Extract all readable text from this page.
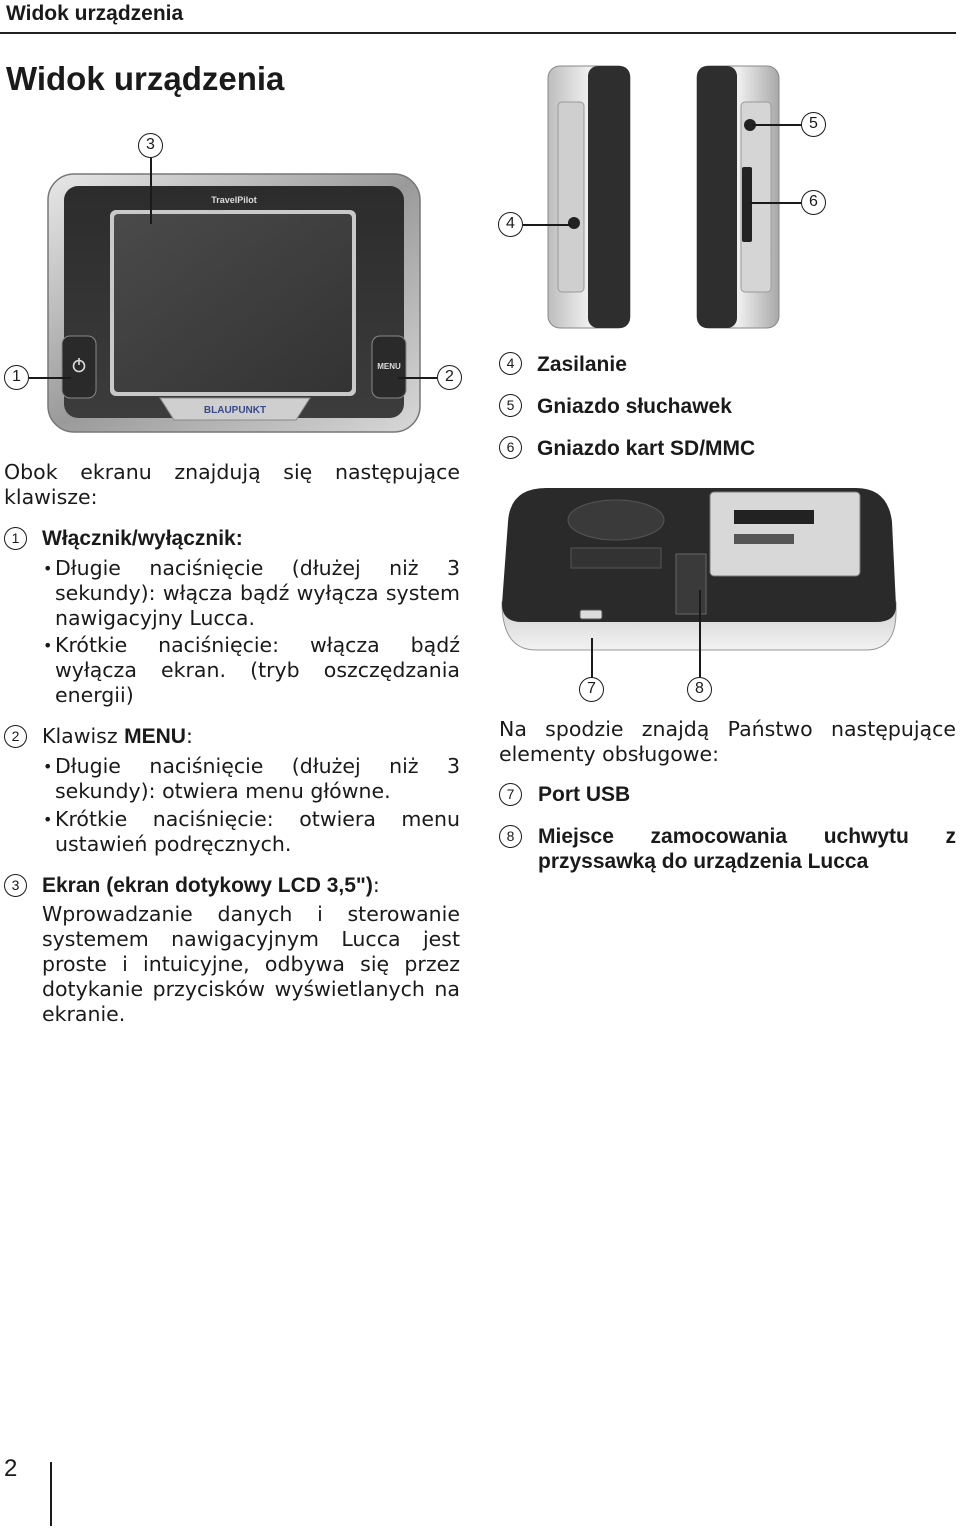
Widok urządzenia
Widok urządzenia
TravelPilot
MENU
BLAUPUNKT
3
1	2
4
5
6
7	8
Obok ekranu znajdują się następujące klawisze:
1	Włącznik/wyłącznik:
• Długie naciśnięcie (dłużej niż 3 sekundy): włącza bądź wyłącza system nawigacyjny Lucca.
• Krótkie naciśnięcie: włącza bądź wyłącza ekran. (tryb oszczędzania energii)
2	Klawisz MENU:
• Długie naciśnięcie (dłużej niż 3 sekundy): otwiera menu główne.
• Krótkie naciśnięcie: otwiera menu ustawień podręcznych.
3	Ekran (ekran dotykowy LCD 3,5"):
Wprowadzanie danych i sterowanie systemem nawigacyjnym Lucca jest proste i intuicyjne, odbywa się przez dotykanie przycisków wyświetlanych na ekranie.
4	Zasilanie
5	Gniazdo słuchawek
6	Gniazdo kart SD/MMC
Na spodzie znajdą Państwo następujące elementy obsługowe:
7	Port USB
8	Miejsce zamocowania uchwytu z przyssawką do urządzenia Lucca
2
